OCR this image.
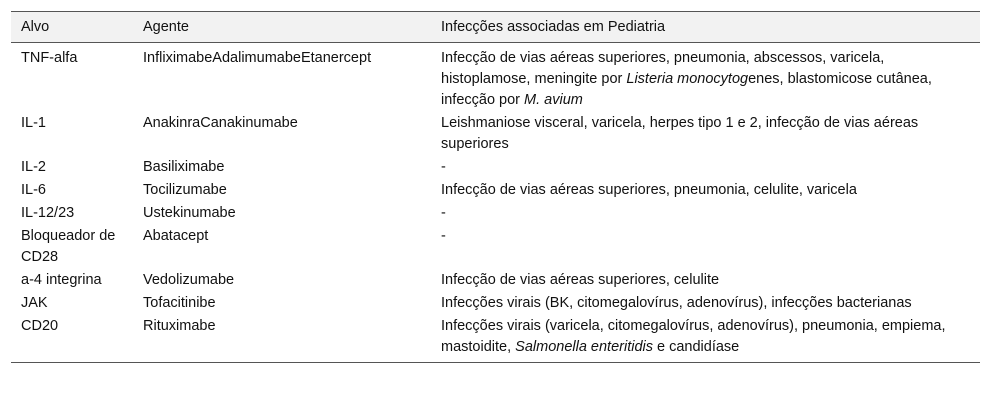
Alvo	Agente	Infecções associadas em Pediatria
TNF-alfa	InfliximabeAdalimumabeEtanercept	Infecção de vias aéreas superiores, pneumonia, abscessos, varicela, histoplamose, meningite por Listeria monocytogenes, blastomicose cutânea, infecção por M. avium
IL-1	AnakinraCanakinumabe	Leishmaniose visceral, varicela, herpes tipo 1 e 2, infecção de vias aéreas superiores
IL-2	Basiliximabe	-
IL-6	Tocilizumabe	Infecção de vias aéreas superiores, pneumonia, celulite, varicela
IL-12/23	Ustekinumabe	-
Bloqueador de CD28	Abatacept	-
a-4 integrina	Vedolizumabe	Infecção de vias aéreas superiores, celulite
JAK	Tofacitinibe	Infecções virais (BK, citomegalovírus, adenovírus), infecções bacterianas
CD20	Rituximabe	Infecções virais (varicela, citomegalovírus, adenovírus), pneumonia, empiema, mastoidite, Salmonella enteritidis e candidíase
